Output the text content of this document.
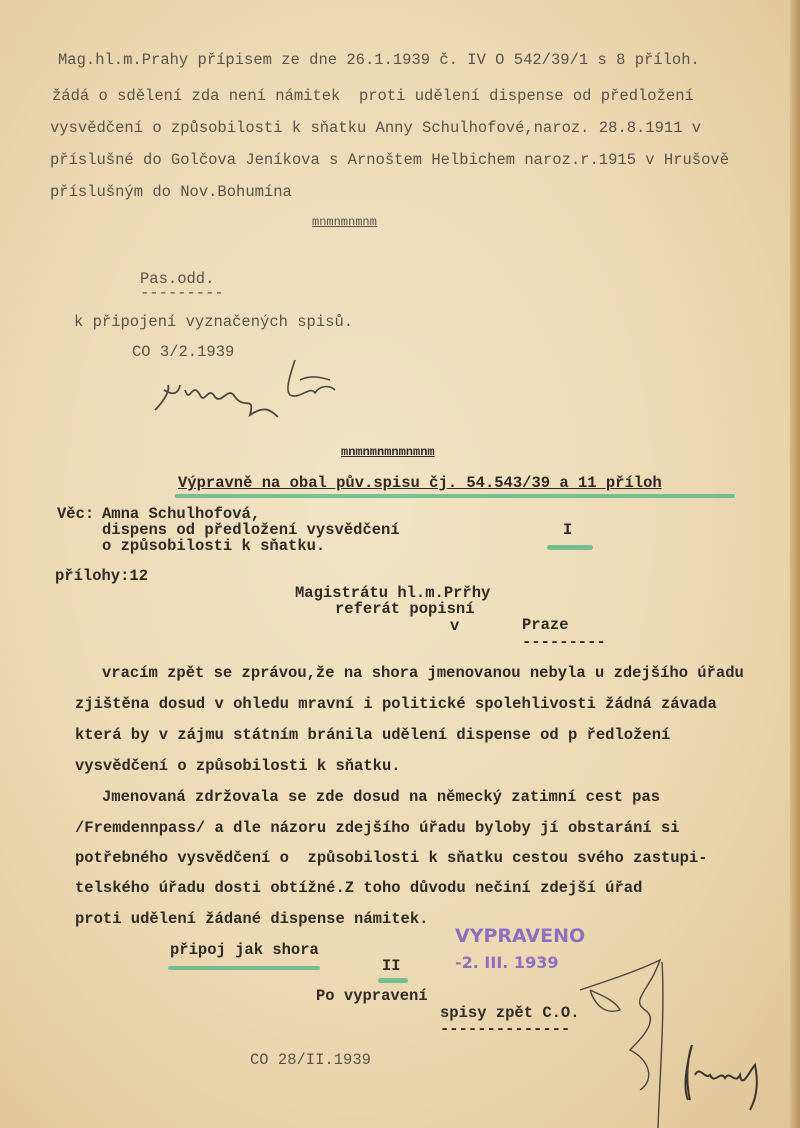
Mag.hl.m.Prahy přípisem ze dne 26.1.1939 č. IV O 542/39/1 s 8 příloh.
žádá o sdělení zda není námitek  proti udělení dispense od předložení
vysvědčení o způsobilosti k sňatku Anny Schulhofové,naroz. 28.8.1911 v
příslušné do Golčova Jeníkova s Arnoštem Helbichem naroz.r.1915 v Hrušově
příslušným do Nov.Bohumína
mnmnmnmnm
Pas.odd.
---------
k připojení vyznačených spisů.
CO 3/2.1939
mnmnmnmnmnmnm
Výpravně na obal pův.spisu čj. 54.543/39 a 11 příloh
Věc: Amna Schulhofová,
dispens od předložení vysvědčení
o způsobilosti k sňatku.
I
přílohy:12
Magistrátu hl.m.Prřhy
referát popisní
v	Praze
---------
vracím zpět se zprávou,že na shora jmenovanou nebyla u zdejšího úřadu
zjištěna dosud v ohledu mravní i politické spolehlivosti žádná závada
která by v zájmu státním bránila udělení dispense od p ředložení
vysvědčení o způsobilosti k sňatku.
Jmenovaná zdržovala se zde dosud na německý zatimní cest pas
/Fremdennpass/ a dle názoru zdejšího úřadu byloby jí obstarání si
potřebného vysvědčení o  způsobilosti k sňatku cestou svého zastupi-
telského úřadu dosti obtížné.Z toho důvodu nečiní zdejší úřad
proti udělení žádané dispense námitek.
připoj jak shora
II
Po vypravení
spisy zpět C.O.
--------------
CO 28/II.1939
VYPRAVENO
-2. III. 1939
